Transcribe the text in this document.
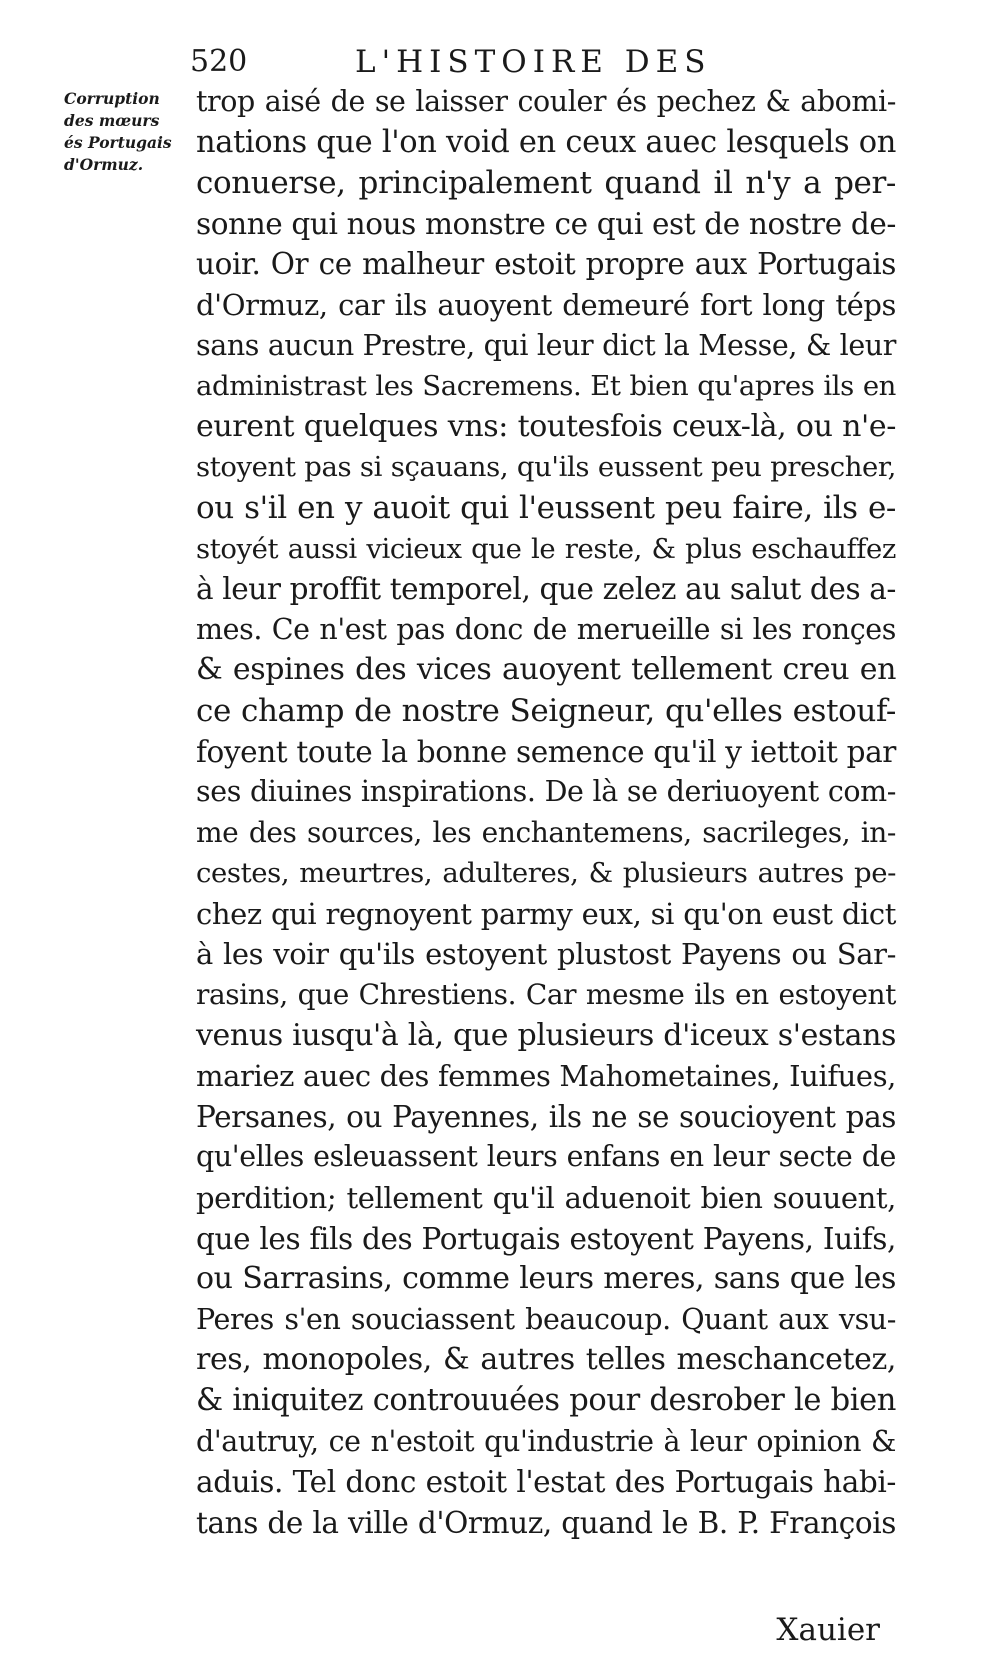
520	L'HISTOIRE DES
Corruption
des mœurs
és Portugais
d'Ormuz.
trop aisé de se laisser couler és pechez & abomi-
nations que l'on void en ceux auec lesquels on
conuerse, principalement quand il n'y a per-
sonne qui nous monstre ce qui est de nostre de-
uoir. Or ce malheur estoit propre aux Portugais
d'Ormuz, car ils auoyent demeuré fort long téps
sans aucun Prestre, qui leur dict la Messe, & leur
administrast les Sacremens. Et bien qu'apres ils en
eurent quelques vns: toutesfois ceux-là, ou n'e-
stoyent pas si sçauans, qu'ils eussent peu prescher,
ou s'il en y auoit qui l'eussent peu faire, ils e-
stoyét aussi vicieux que le reste, & plus eschauffez
à leur proffit temporel, que zelez au salut des a-
mes. Ce n'est pas donc de merueille si les ronçes
& espines des vices auoyent tellement creu en
ce champ de nostre Seigneur, qu'elles estouf-
foyent toute la bonne semence qu'il y iettoit par
ses diuines inspirations. De là se deriuoyent com-
me des sources, les enchantemens, sacrileges, in-
cestes, meurtres, adulteres, & plusieurs autres pe-
chez qui regnoyent parmy eux, si qu'on eust dict
à les voir qu'ils estoyent plustost Payens ou Sar-
rasins, que Chrestiens. Car mesme ils en estoyent
venus iusqu'à là, que plusieurs d'iceux s'estans
mariez auec des femmes Mahometaines, Iuifues,
Persanes, ou Payennes, ils ne se soucioyent pas
qu'elles esleuassent leurs enfans en leur secte de
perdition; tellement qu'il aduenoit bien souuent,
que les fils des Portugais estoyent Payens, Iuifs,
ou Sarrasins, comme leurs meres, sans que les
Peres s'en souciassent beaucoup. Quant aux vsu-
res, monopoles, & autres telles meschancetez,
& iniquitez controuuées pour desrober le bien
d'autruy, ce n'estoit qu'industrie à leur opinion &
aduis. Tel donc estoit l'estat des Portugais habi-
tans de la ville d'Ormuz, quand le B. P. François
Xauier
